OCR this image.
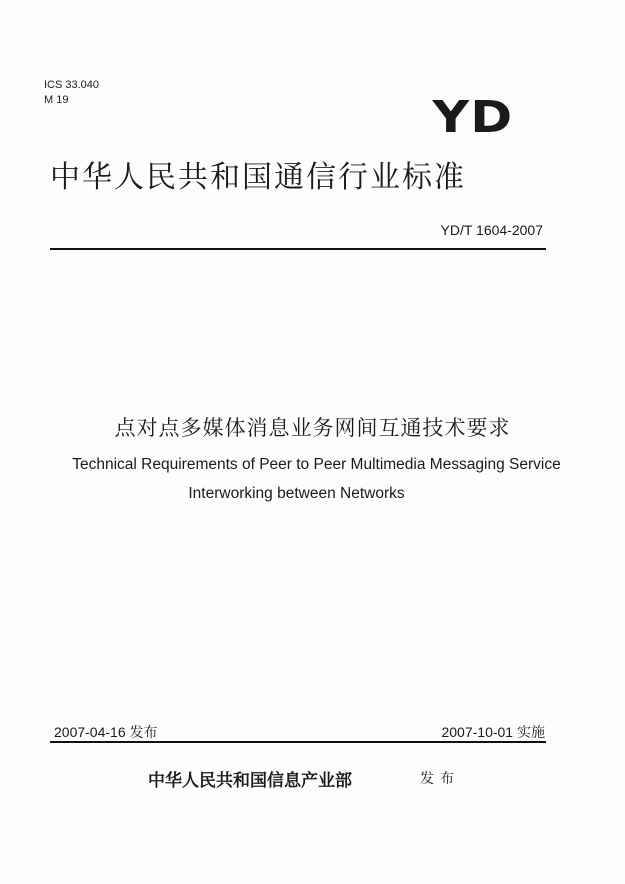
ICS 33.040
M 19	YD
中华人民共和国通信行业标准
YD/T 1604-2007
点对点多媒体消息业务网间互通技术要求
Technical Requirements of Peer to Peer Multimedia Messaging Service
Interworking between Networks
2007-04-16 发布	2007-10-01 实施
中华人民共和国信息产业部	发布
